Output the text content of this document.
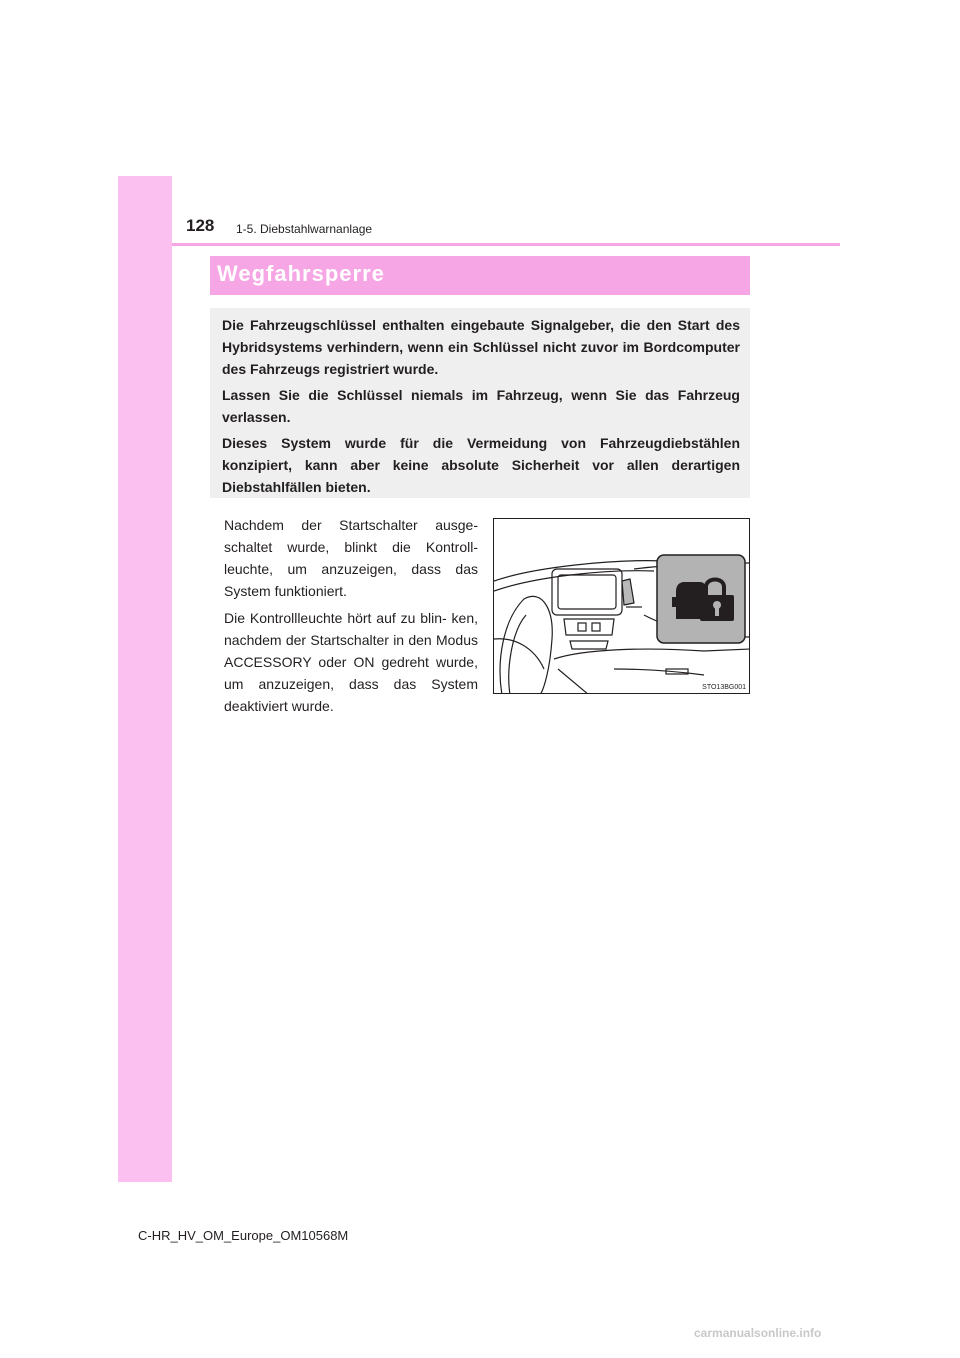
128 1-5. Diebstahlwarnanlage
Wegfahrsperre

Die Fahrzeugschlüssel enthalten eingebaute Signalgeber, die den Start des Hybridsystems verhindern, wenn ein Schlüssel nicht zuvor im Bordcomputer des Fahrzeugs registriert wurde.

Lassen Sie die Schlüssel niemals im Fahrzeug, wenn Sie das Fahrzeug verlassen.

Dieses System wurde für die Vermeidung von Fahrzeugdiebstählen konzipiert, kann aber keine absolute Sicherheit vor allen derartigen Diebstahlfällen bieten.

Nachdem der Startschalter ausge- schaltet wurde, blinkt die Kontroll- leuchte, um anzuzeigen, dass das System funktioniert.

Die Kontrollleuchte hört auf zu blin- ken, nachdem der Startschalter in den Modus ACCESSORY oder ON gedreht wurde, um anzuzeigen, dass das System deaktiviert wurde.

STO13BG001
C-HR_HV_OM_Europe_OM10568M
carmanualsonline.info
